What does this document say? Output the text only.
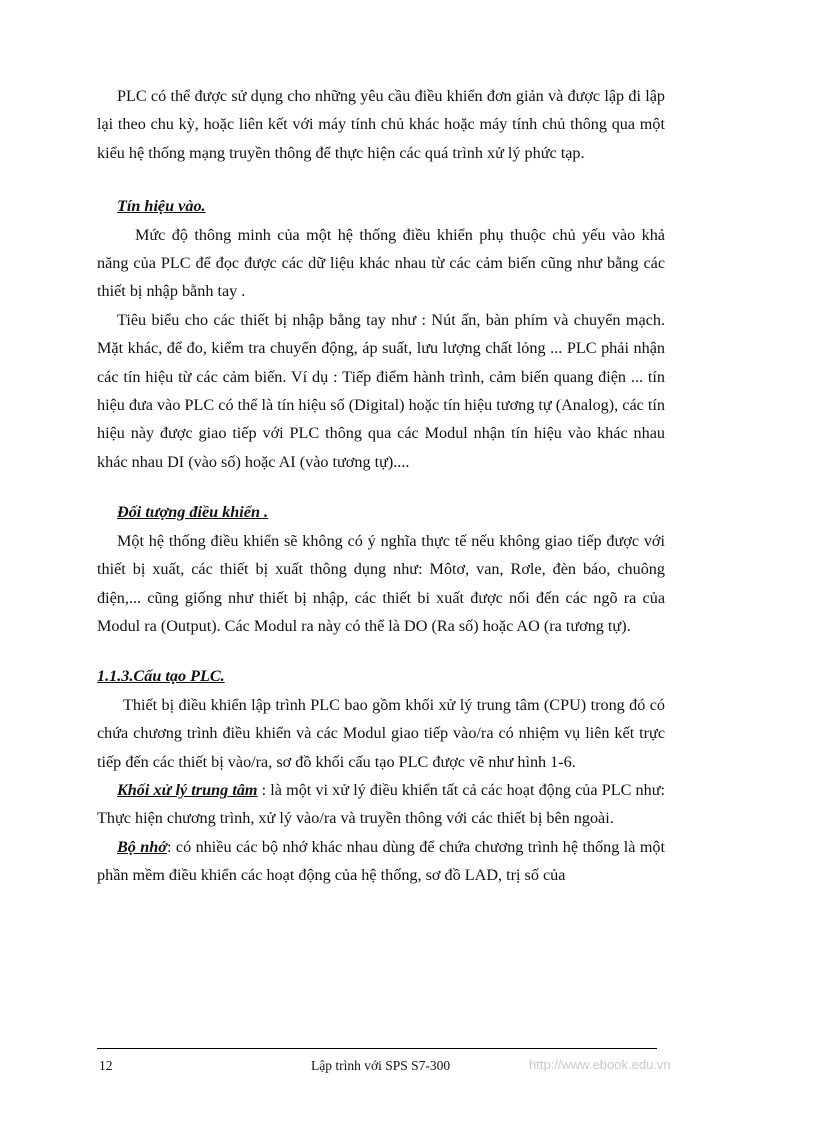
PLC có thể được sử dụng cho những yêu cầu điều khiển đơn giản và được lập đi lập lại theo chu kỳ, hoặc liên kết với máy tính chủ khác hoặc máy tính chủ thông qua một kiểu hệ thống mạng truyền thông để thực hiện các quá trình xử lý phức tạp.

Tín hiệu vào.

Mức độ thông minh của một hệ thống điều khiển phụ thuộc chủ yếu vào khả năng của PLC để đọc được các dữ liệu khác nhau từ các cảm biến cũng như bằng các thiết bị nhập bằnh tay .

Tiêu biểu cho các thiết bị nhập bằng tay như : Nút ấn, bàn phím và chuyển mạch. Mặt khác, để đo, kiểm tra chuyển động, áp suất, lưu lượng chất lỏng ... PLC phải nhận các tín hiệu từ các cảm biến. Ví dụ : Tiếp điểm hành trình, cảm biến quang điện ... tín hiệu đưa vào PLC có thể là tín hiệu số (Digital) hoặc tín hiệu tương tự (Analog), các tín hiệu này được giao tiếp với PLC thông qua các Modul nhận tín hiệu vào khác nhau khác nhau DI (vào số) hoặc AI (vào tương tự)....

Đối tượng điều khiển .

Một hệ thống điều khiển sẽ không có ý nghĩa thực tế nếu không giao tiếp được với thiết bị xuất, các thiết bị xuất thông dụng như: Môtơ, van, Rơle, đèn báo, chuông điện,... cũng giống như thiết bị nhập, các thiết bi xuất được nối đến các ngõ ra của Modul ra (Output). Các Modul ra này có thể là DO (Ra số) hoặc AO (ra tương tự).

1.1.3.Cấu tạo PLC.

Thiết bị điều khiển lập trình PLC bao gồm khối xử lý trung tâm (CPU) trong đó có chứa chương trình điều khiển và các Modul giao tiếp vào/ra có nhiệm vụ liên kết trực tiếp đến các thiết bị vào/ra, sơ đồ khối cấu tạo PLC được vẽ như hình 1-6.

Khối xử lý trung tâm : là một vi xử lý điều khiển tất cả các hoạt động của PLC như: Thực hiện chương trình, xử lý vào/ra và truyền thông với các thiết bị bên ngoài.

Bộ nhớ: có nhiều các bộ nhớ khác nhau dùng để chứa chương trình hệ thống là một phần mềm điều khiển các hoạt động của hệ thống, sơ đồ LAD, trị số của

12	Lập trình với SPS S7-300	http://www.ebook.edu.vn
